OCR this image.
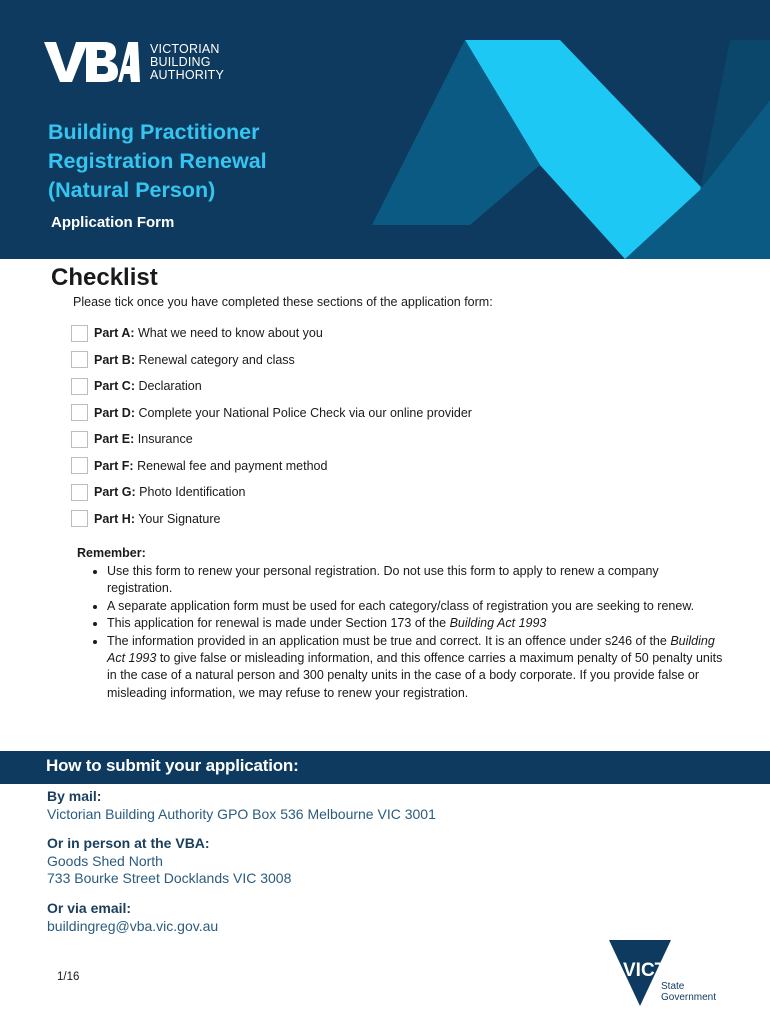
VICTORIAN
BUILDING
AUTHORITY
Building Practitioner
Registration Renewal
(Natural Person)
Application Form
Checklist
Please tick once you have completed these sections of the application form:
Part A: What we need to know about you
Part B: Renewal category and class
Part C: Declaration
Part D: Complete your National Police Check via our online provider
Part E: Insurance
Part F: Renewal fee and payment method
Part G: Photo Identification
Part H: Your Signature
Remember:
• Use this form to renew your personal registration. Do not use this form to apply to renew a company registration.
• A separate application form must be used for each category/class of registration you are seeking to renew.
• This application for renewal is made under Section 173 of the Building Act 1993
• The information provided in an application must be true and correct. It is an offence under s246 of the Building Act 1993 to give false or misleading information, and this offence carries a maximum penalty of 50 penalty units in the case of a natural person and 300 penalty units in the case of a body corporate. If you provide false or misleading information, we may refuse to renew your registration.
How to submit your application:
By mail:
Victorian Building Authority GPO Box 536 Melbourne VIC 3001
Or in person at the VBA:
Goods Shed North
733 Bourke Street Docklands VIC 3008
Or via email:
buildingreg@vba.vic.gov.au
1/16	VICTORIA
State
Government
